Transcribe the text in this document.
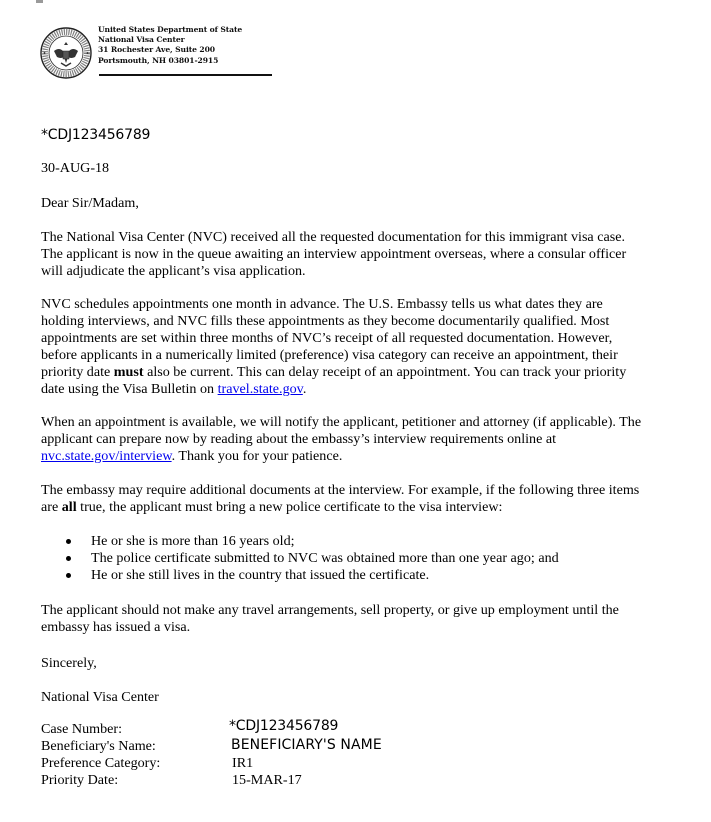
United States Department of State
National Visa Center
31 Rochester Ave, Suite 200
Portsmouth, NH 03801-2915
*CDJ123456789
30-AUG-18
Dear Sir/Madam,
The National Visa Center (NVC) received all the requested documentation for this immigrant visa case.
The applicant is now in the queue awaiting an interview appointment overseas, where a consular officer
will adjudicate the applicant’s visa application.
NVC schedules appointments one month in advance. The U.S. Embassy tells us what dates they are
holding interviews, and NVC fills these appointments as they become documentarily qualified. Most
appointments are set within three months of NVC’s receipt of all requested documentation. However,
before applicants in a numerically limited (preference) visa category can receive an appointment, their
priority date must also be current. This can delay receipt of an appointment. You can track your priority
date using the Visa Bulletin on travel.state.gov.
When an appointment is available, we will notify the applicant, petitioner and attorney (if applicable). The
applicant can prepare now by reading about the embassy’s interview requirements online at
nvc.state.gov/interview. Thank you for your patience.
The embassy may require additional documents at the interview. For example, if the following three items
are all true, the applicant must bring a new police certificate to the visa interview:
He or she is more than 16 years old;
The police certificate submitted to NVC was obtained more than one year ago; and
He or she still lives in the country that issued the certificate.
The applicant should not make any travel arrangements, sell property, or give up employment until the
embassy has issued a visa.
Sincerely,
National Visa Center
Case Number:	*CDJ123456789
Beneficiary's Name:	BENEFICIARY'S NAME
Preference Category:	IR1
Priority Date:	15-MAR-17
